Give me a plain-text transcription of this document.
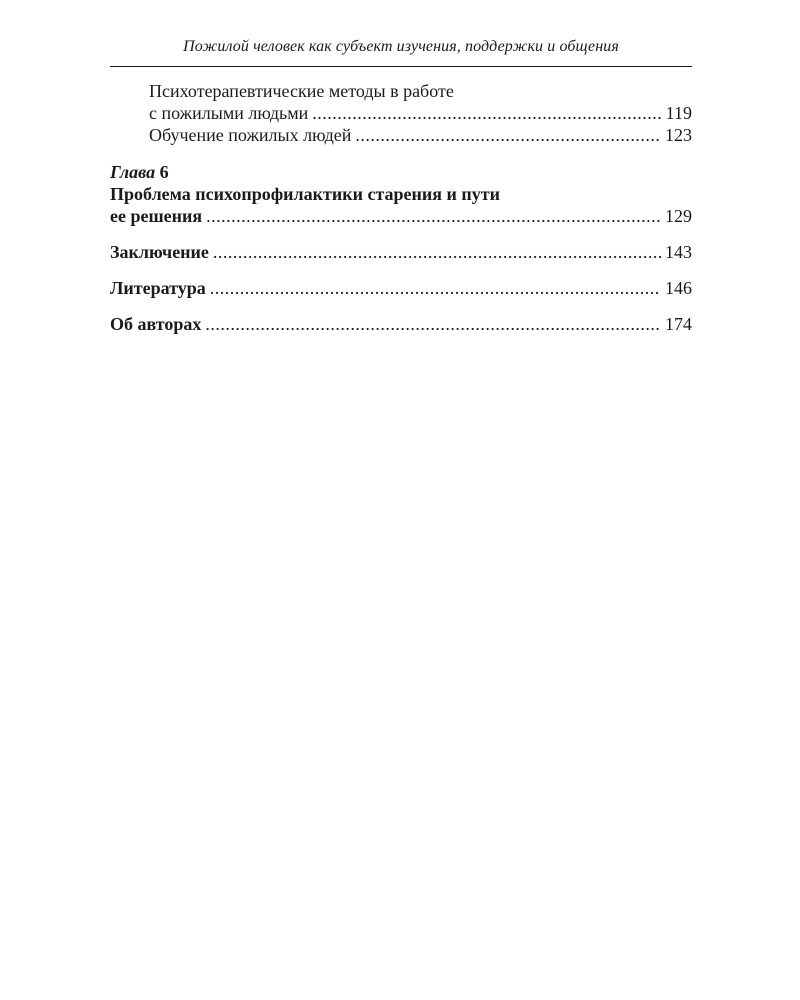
Пожилой человек как субъект изучения, поддержки и общения
Психотерапевтические методы в работе
с пожилыми людьми .....	119
Обучение пожилых людей .....	123
Глава 6
Проблема психопрофилактики старения и пути
ее решения .....	129
Заключение .....	143
Литература .....	146
Об авторах .....	174
